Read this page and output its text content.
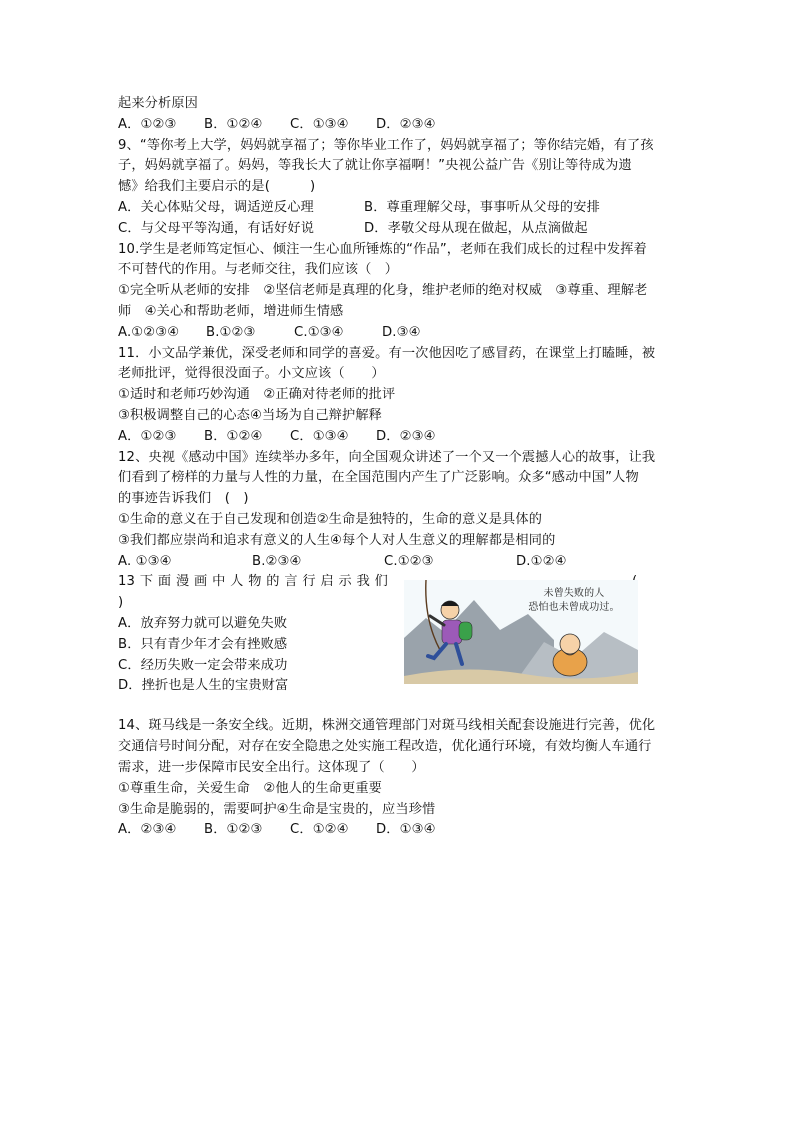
起来分析原因
A．①②③	B．①②④	C．①③④	D．②③④
9、“等你考上大学，妈妈就享福了；等你毕业工作了，妈妈就享福了；等你结完婚，有了孩
子，妈妈就享福了。妈妈，等我长大了就让你享福啊！”央视公益广告《别让等待成为遗
憾》给我们主要启示的是(　　　)
A．关心体贴父母，调适逆反心理	B．尊重理解父母，事事听从父母的安排
C．与父母平等沟通，有话好好说	D．孝敬父母从现在做起，从点滴做起
10.学生是老师笃定恒心、倾注一生心血所锤炼的“作品”，老师在我们成长的过程中发挥着
不可替代的作用。与老师交往，我们应该（　）
①完全听从老师的安排　②坚信老师是真理的化身，维护老师的绝对权威　③尊重、理解老
师　④关心和帮助老师，增进师生情感
A.①②③④	B.①②③	C.①③④	D.③④
11．小文品学兼优，深受老师和同学的喜爱。有一次他因吃了感冒药，在课堂上打瞌睡，被
老师批评，觉得很没面子。小文应该（　　）
①适时和老师巧妙沟通　②正确对待老师的批评
③积极调整自己的心态④当场为自己辩护解释
A．①②③	B．①②④	C．①③④	D．②③④
12、央视《感动中国》连续举办多年，向全国观众讲述了一个又一个震撼人心的故事，让我
们看到了榜样的力量与人性的力量，在全国范围内产生了广泛影响。众多“感动中国”人物
的事迹告诉我们　(　)
①生命的意义在于自己发现和创造②生命是独特的，生命的意义是具体的
③我们都应崇尚和追求有意义的人生④每个人对人生意义的理解都是相同的
A. ①③④	B.②③④	C.①②③	D.①②④
13 下 面 漫 画 中 人 物 的 言 行 启 示 我 们
)
A．放弃努力就可以避免失败
B．只有青少年才会有挫败感
C．经历失败一定会带来成功
D．挫折也是人生的宝贵财富
未曾失败的人
恐怕也未曾成功过。
14、斑马线是一条安全线。近期，株洲交通管理部门对斑马线相关配套设施进行完善，优化
交通信号时间分配，对存在安全隐患之处实施工程改造，优化通行环境，有效均衡人车通行
需求，进一步保障市民安全出行。这体现了（　　）
①尊重生命，关爱生命　②他人的生命更重要
③生命是脆弱的，需要呵护④生命是宝贵的，应当珍惜
A．②③④	B．①②③	C．①②④	D．①③④
